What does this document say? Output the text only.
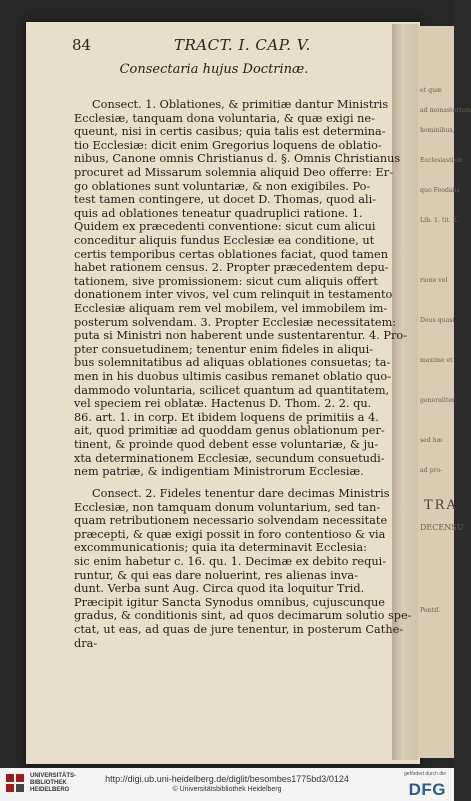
et quæ
ad monasterium
hominibus,
Ecclesiasticæ
quo Feodalis
Lib. 1. tit. 2.
rione vel
Deus quasi
maxime et
generaliter.
sed hæ
ad pro-
Pontif.
TRA
DECENSU
84	TRACT. I. CAP. V.
Consectaria hujus Doctrinæ.
Consect. 1. Oblationes, & primitiæ dantur Ministris
Ecclesiæ, tanquam dona voluntaria, & quæ exigi ne-
queunt, nisi in certis casibus; quia talis est determina-
tio Ecclesiæ: dicit enim Gregorius loquens de oblatio-
nibus, Canone omnis Christianus d. §. Omnis Christianus
procuret ad Missarum solemnia aliquid Deo offerre: Er-
go oblationes sunt voluntariæ, & non exigibiles. Po-
test tamen contingere, ut docet D. Thomas, quod ali-
quis ad oblationes teneatur quadruplici ratione. 1.
Quidem ex præcedenti conventione: sicut cum alicui
conceditur aliquis fundus Ecclesiæ ea conditione, ut
certis temporibus certas oblationes faciat, quod tamen
habet rationem census. 2. Propter præcedentem depu-
tationem, sive promissionem: sicut cum aliquis offert
donationem inter vivos, vel cum relinquit in testamento
Ecclesiæ aliquam rem vel mobilem, vel immobilem im-
posterum solvendam. 3. Propter Ecclesiæ necessitatem:
puta si Ministri non haberent unde sustentarentur. 4. Pro-
pter consuetudinem; tenentur enim fideles in aliqui-
bus solemnitatibus ad aliquas oblationes consuetas; ta-
men in his duobus ultimis casibus remanet oblatio quo-
dammodo voluntaria, scilicet quantum ad quantitatem,
vel speciem rei oblatæ. Hactenus D. Thom. 2. 2. qu.
86. art. 1. in corp. Et ibidem loquens de primitiis a 4.
ait, quod primitiæ ad quoddam genus oblationum per-
tinent, & proinde quod debent esse voluntariæ, & ju-
xta determinationem Ecclesiæ, secundum consuetudi-
nem patriæ, & indigentiam Ministrorum Ecclesiæ.
Consect. 2. Fideles tenentur dare decimas Ministris
Ecclesiæ, non tamquam donum voluntarium, sed tan-
quam retributionem necessario solvendam necessitate
præcepti, & quæ exigi possit in foro contentioso & via
excommunicationis; quia ita determinavit Ecclesia:
sic enim habetur c. 16. qu. 1. Decimæ ex debito requi-
runtur, & qui eas dare noluerint, res alienas inva-
dunt. Verba sunt Aug. Circa quod ita loquitur Trid.
Præcipit igitur Sancta Synodus omnibus, cujuscunque
gradus, & conditionis sint, ad quos decimarum solutio spe-
ctat, ut eas, ad quas de jure tenentur, in posterum Cathe-
dra-
UNIVERSITÄTS-
BIBLIOTHEK
HEIDELBERG
http://digi.ub.uni-heidelberg.de/diglit/besombes1775bd3/0124
© Universitätsbibliothek Heidelberg
gefördert durch die
DFG
